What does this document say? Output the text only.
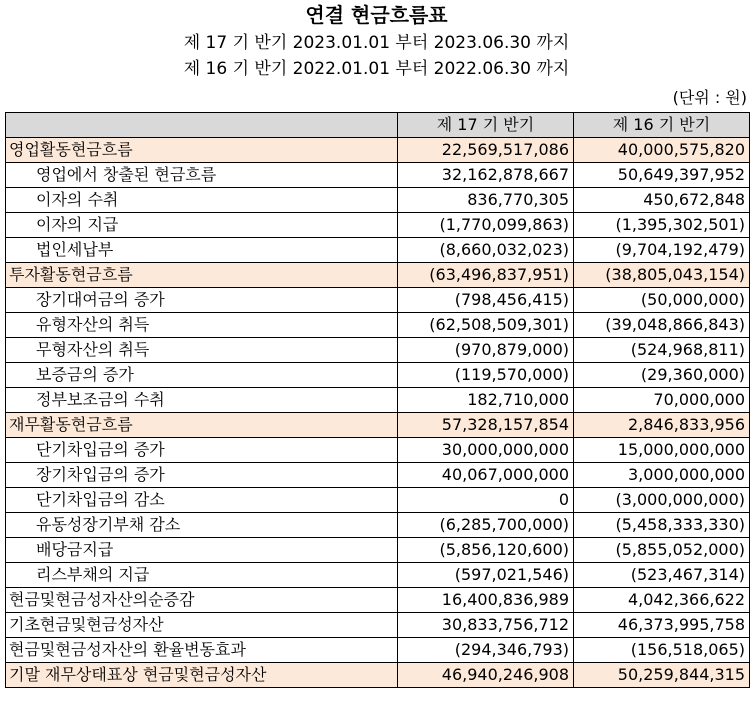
연결 현금흐름표
제 17 기 반기 2023.01.01 부터 2023.06.30 까지
제 16 기 반기 2022.01.01 부터 2022.06.30 까지
(단위 : 원)
	제 17 기 반기	제 16 기 반기
영업활동현금흐름	22,569,517,086	40,000,575,820
영업에서 창출된 현금흐름	32,162,878,667	50,649,397,952
이자의 수취	836,770,305	450,672,848
이자의 지급	(1,770,099,863)	(1,395,302,501)
법인세납부	(8,660,032,023)	(9,704,192,479)
투자활동현금흐름	(63,496,837,951)	(38,805,043,154)
장기대여금의 증가	(798,456,415)	(50,000,000)
유형자산의 취득	(62,508,509,301)	(39,048,866,843)
무형자산의 취득	(970,879,000)	(524,968,811)
보증금의 증가	(119,570,000)	(29,360,000)
정부보조금의 수취	182,710,000	70,000,000
재무활동현금흐름	57,328,157,854	2,846,833,956
단기차입금의 증가	30,000,000,000	15,000,000,000
장기차입금의 증가	40,067,000,000	3,000,000,000
단기차입금의 감소	0	(3,000,000,000)
유동성장기부채 감소	(6,285,700,000)	(5,458,333,330)
배당금지급	(5,856,120,600)	(5,855,052,000)
리스부채의 지급	(597,021,546)	(523,467,314)
현금및현금성자산의순증감	16,400,836,989	4,042,366,622
기초현금및현금성자산	30,833,756,712	46,373,995,758
현금및현금성자산의 환율변동효과	(294,346,793)	(156,518,065)
기말 재무상태표상 현금및현금성자산	46,940,246,908	50,259,844,315
